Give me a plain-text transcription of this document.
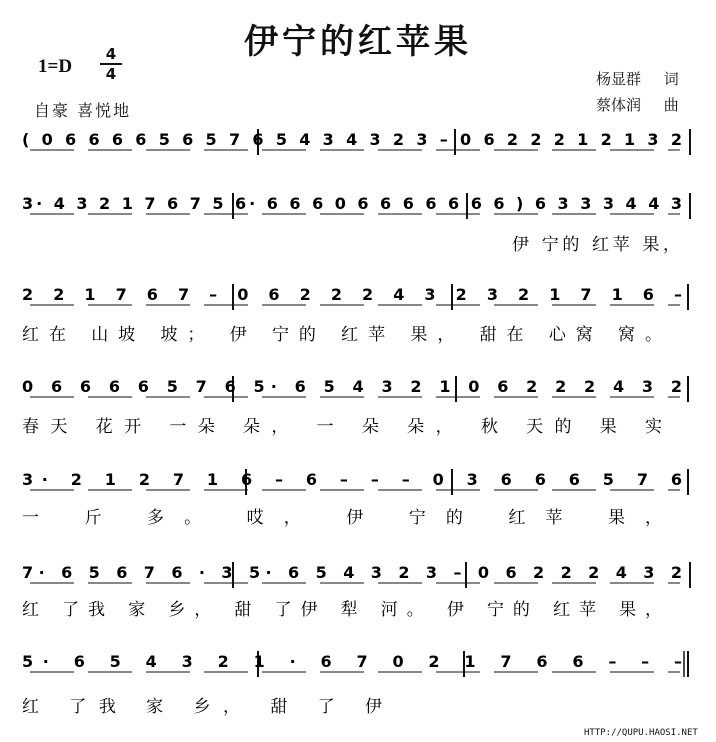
伊宁的红苹果
1=D
4
4	杨显群 词
蔡体润 曲
自豪 喜悦地
( 0 6 6 6 6 5 6 5 7 6 5 4 3 4 3 2 3 – 0 6 2 2 2 1 2 1 3 2
3· 4 3 2 1 7 6 7 5 6· 6 6 6 0 6 6 6 6 6 6 6 ) 6 3 3 3 4 4 3
伊 宁的 红苹 果，
2 2 1 7 6 7 – 0 6 2 2 2 4 3 2 3 2 1 7 1 6 –
红在 山坡 坡； 伊 宁的 红苹 果， 甜在 心窝 窝。
0 6 6 6 6 5 7 6 5· 6 5 4 3 2 1 0 6 2 2 2 4 3 2
春天 花开 一朵 朵， 一 朵 朵， 秋 天的 果 实
3· 2 1 2 7 1 6 – 6 – – – 0 3 6 6 6 5 7 6
一 斤 多。 哎， 伊 宁的 红苹 果，
7· 6 5 6 7 6 · 3 5· 6 5 4 3 2 3 – 0 6 2 2 2 4 3 2
红 了我 家 乡， 甜 了伊 犁 河。 伊 宁的 红苹 果，
5· 6 5 4 3 2 1 · 6 7 0 2 1 7 6 6 – – –
红 了我 家 乡， 甜 了 伊
HTTP://QUPU.HAOSI.NET
